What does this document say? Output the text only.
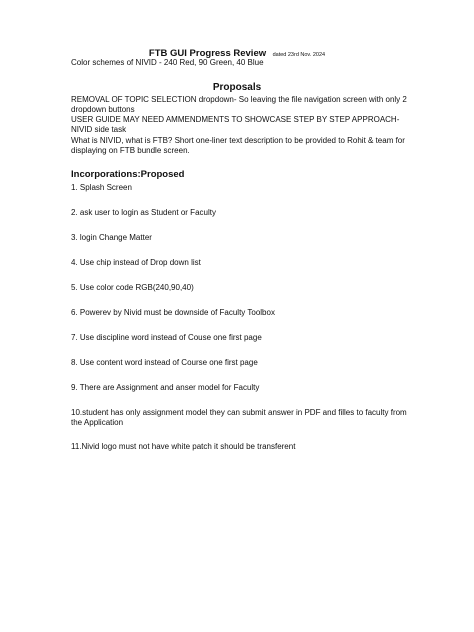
FTB GUI Progress Review dated 23rd Nov. 2024
Color schemes of NIVID - 240 Red, 90 Green, 40 Blue
Proposals
REMOVAL OF TOPIC SELECTION dropdown- So leaving the file navigation screen with only 2 dropdown buttons
USER GUIDE MAY NEED AMMENDMENTS TO SHOWCASE STEP BY STEP APPROACH- NIVID side task
What is NIVID, what is FTB? Short one-liner text description to be provided to Rohit & team for displaying on FTB bundle screen.
Incorporations:Proposed
1. Splash Screen
2. ask user to login as Student or Faculty
3. login Change Matter
4. Use chip instead of Drop down list
5. Use color code RGB(240,90,40)
6. Powerev by Nivid must be downside of Faculty Toolbox
7. Use discipline word instead of Couse one first page
8. Use content word instead of Course one first page
9. There are Assignment and anser model for Faculty
10.student has only assignment model they can submit answer in PDF and filles to faculty from the Application
11.Nivid logo must not have white patch it should be transferent
